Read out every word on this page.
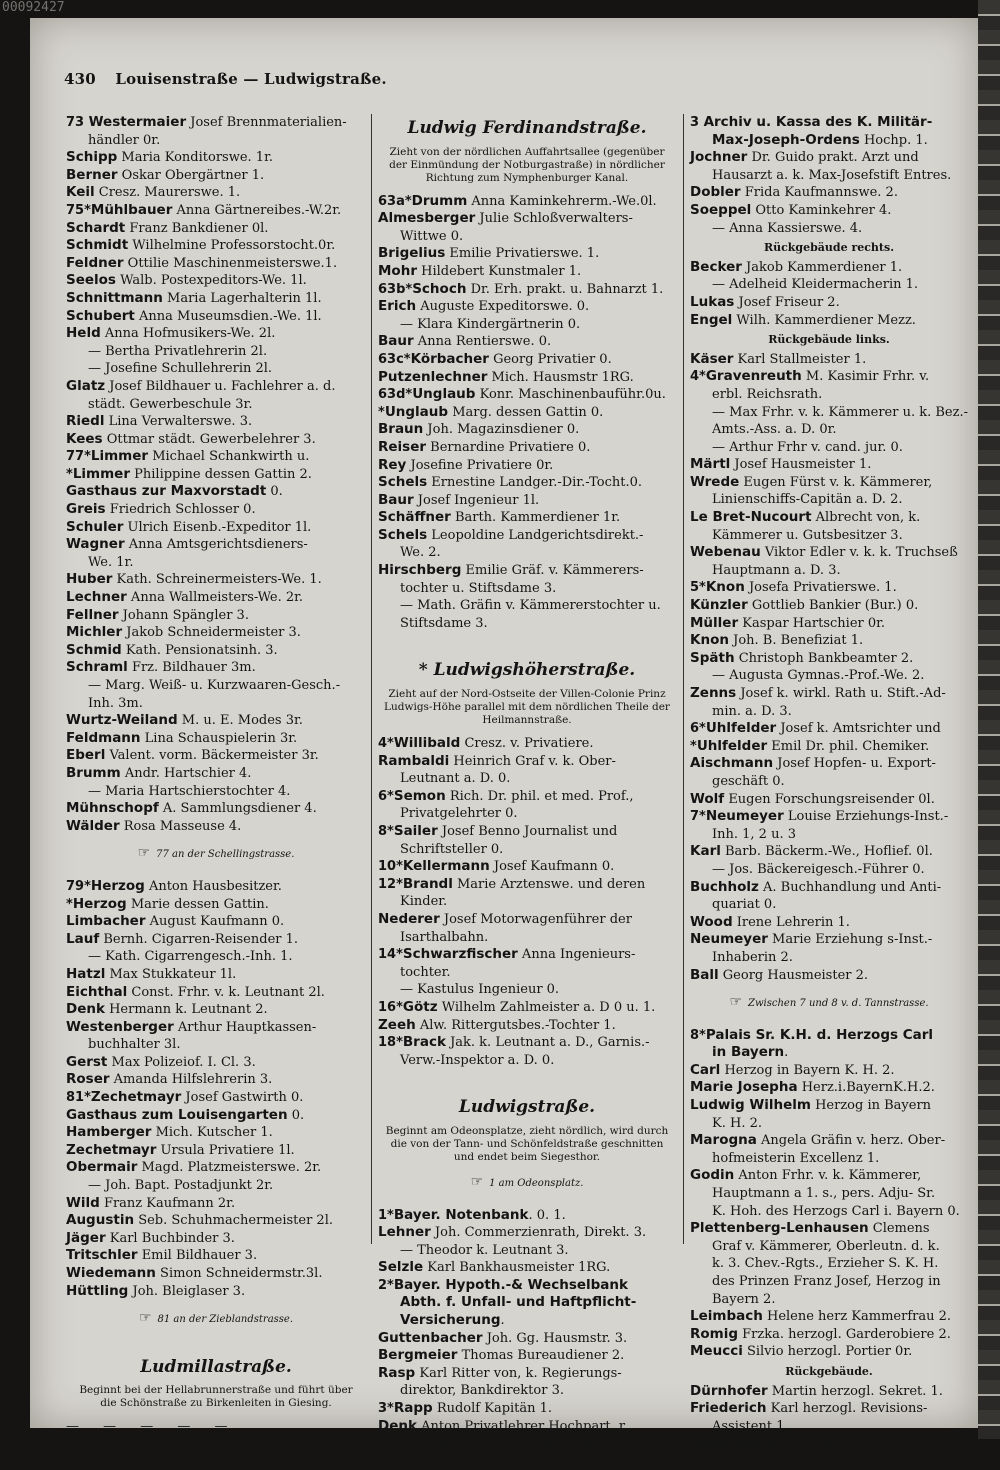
00092427
430 Louisenstraße — Ludwigstraße.
73 Westermaier Josef Brennmaterialien-
händler 0r.
Schipp Maria Konditorswe. 1r.
Berner Oskar Obergärtner 1.
Keil Cresz. Maurerswe. 1.
75*Mühlbauer Anna Gärtnereibes.-W.2r.
Schardt Franz Bankdiener 0l.
Schmidt Wilhelmine Professorstocht.0r.
Feldner Ottilie Maschinenmeisterswe.1.
Seelos Walb. Postexpeditors-We. 1l.
Schnittmann Maria Lagerhalterin 1l.
Schubert Anna Museumsdien.-We. 1l.
Held Anna Hofmusikers-We. 2l.
— Bertha Privatlehrerin 2l.
— Josefine Schullehrerin 2l.
Glatz Josef Bildhauer u. Fachlehrer a. d.
städt. Gewerbeschule 3r.
Riedl Lina Verwalterswe. 3.
Kees Ottmar städt. Gewerbelehrer 3.
77*Limmer Michael Schankwirth u.
*Limmer Philippine dessen Gattin 2.
Gasthaus zur Maxvorstadt 0.
Greis Friedrich Schlosser 0.
Schuler Ulrich Eisenb.-Expeditor 1l.
Wagner Anna Amtsgerichtsdieners-
We. 1r.
Huber Kath. Schreinermeisters-We. 1.
Lechner Anna Wallmeisters-We. 2r.
Fellner Johann Spängler 3.
Michler Jakob Schneidermeister 3.
Schmid Kath. Pensionatsinh. 3.
Schraml Frz. Bildhauer 3m.
— Marg. Weiß- u. Kurzwaaren-Gesch.-
Inh. 3m.
Wurtz-Weiland M. u. E. Modes 3r.
Feldmann Lina Schauspielerin 3r.
Eberl Valent. vorm. Bäckermeister 3r.
Brumm Andr. Hartschier 4.
— Maria Hartschierstochter 4.
Mühnschopf A. Sammlungsdiener 4.
Wälder Rosa Masseuse 4.
☞ 77 an der Schellingstrasse.
79*Herzog Anton Hausbesitzer.
*Herzog Marie dessen Gattin.
Limbacher August Kaufmann 0.
Lauf Bernh. Cigarren-Reisender 1.
— Kath. Cigarrengesch.-Inh. 1.
Hatzl Max Stukkateur 1l.
Eichthal Const. Frhr. v. k. Leutnant 2l.
Denk Hermann k. Leutnant 2.
Westenberger Arthur Hauptkassen-
buchhalter 3l.
Gerst Max Polizeiof. I. Cl. 3.
Roser Amanda Hilfslehrerin 3.
81*Zechetmayr Josef Gastwirth 0.
Gasthaus zum Louisengarten 0.
Hamberger Mich. Kutscher 1.
Zechetmayr Ursula Privatiere 1l.
Obermair Magd. Platzmeisterswe. 2r.
— Joh. Bapt. Postadjunkt 2r.
Wild Franz Kaufmann 2r.
Augustin Seb. Schuhmachermeister 2l.
Jäger Karl Buchbinder 3.
Tritschler Emil Bildhauer 3.
Wiedemann Simon Schneidermstr.3l.
Hüttling Joh. Bleiglaser 3.
☞ 81 an der Zieblandstrasse.
Ludmillastraße.
Beginnt bei der Hellabrunnerstraße und führt über die Schönstraße zu Birkenleiten in Giesing.
— — — — —
Ludwig Ferdinandstraße.
Zieht von der nördlichen Auffahrtsallee (gegenüber der Einmündung der Notburgastraße) in nördlicher Richtung zum Nymphenburger Kanal.
63a*Drumm Anna Kaminkehrerm.-We.0l.
Almesberger Julie Schloßverwalters-
Wittwe 0.
Brigelius Emilie Privatierswe. 1.
Mohr Hildebert Kunstmaler 1.
63b*Schoch Dr. Erh. prakt. u. Bahnarzt 1.
Erich Auguste Expeditorswe. 0.
— Klara Kindergärtnerin 0.
Baur Anna Rentierswe. 0.
63c*Körbacher Georg Privatier 0.
Putzenlechner Mich. Hausmstr 1RG.
63d*Unglaub Konr. Maschinenbauführ.0u.
*Unglaub Marg. dessen Gattin 0.
Braun Joh. Magazinsdiener 0.
Reiser Bernardine Privatiere 0.
Rey Josefine Privatiere 0r.
Schels Ernestine Landger.-Dir.-Tocht.0.
Baur Josef Ingenieur 1l.
Schäffner Barth. Kammerdiener 1r.
Schels Leopoldine Landgerichtsdirekt.-
We. 2.
Hirschberg Emilie Gräf. v. Kämmerers-
tochter u. Stiftsdame 3.
— Math. Gräfin v. Kämmererstochter u.
Stiftsdame 3.
* Ludwigshöherstraße.
Zieht auf der Nord-Ostseite der Villen-Colonie Prinz Ludwigs-Höhe parallel mit dem nördlichen Theile der Heilmannstraße.
4*Willibald Cresz. v. Privatiere.
Rambaldi Heinrich Graf v. k. Ober-
Leutnant a. D. 0.
6*Semon Rich. Dr. phil. et med. Prof.,
Privatgelehrter 0.
8*Sailer Josef Benno Journalist und
Schriftsteller 0.
10*Kellermann Josef Kaufmann 0.
12*Brandl Marie Arztenswe. und deren
Kinder.
Nederer Josef Motorwagenführer der
Isarthalbahn.
14*Schwarzfischer Anna Ingenieurs-
tochter.
— Kastulus Ingenieur 0.
16*Götz Wilhelm Zahlmeister a. D 0 u. 1.
Zeeh Alw. Rittergutsbes.-Tochter 1.
18*Brack Jak. k. Leutnant a. D., Garnis.-
Verw.-Inspektor a. D. 0.
Ludwigstraße.
Beginnt am Odeonsplatze, zieht nördlich, wird durch die von der Tann- und Schönfeldstraße geschnitten und endet beim Siegesthor.
☞ 1 am Odeonsplatz.
1*Bayer. Notenbank. 0. 1.
Lehner Joh. Commerzienrath, Direkt. 3.
— Theodor k. Leutnant 3.
Selzle Karl Bankhausmeister 1RG.
2*Bayer. Hypoth.-& Wechselbank
Abth. f. Unfall- und Haftpflicht-
Versicherung.
Guttenbacher Joh. Gg. Hausmstr. 3.
Bergmeier Thomas Bureaudiener 2.
Rasp Karl Ritter von, k. Regierungs-
direktor, Bankdirektor 3.
3*Rapp Rudolf Kapitän 1.
Denk Anton Privatlehrer Hochpart. r.
— Anna (Fa. Anna Kugler) Damen-
Confektionsgeschäft Hochpart. r.
3 Archiv u. Kassa des K. Militär-
Max-Joseph-Ordens Hochp. 1.
Jochner Dr. Guido prakt. Arzt und
Hausarzt a. k. Max-Josefstift Entres.
Dobler Frida Kaufmannswe. 2.
Soeppel Otto Kaminkehrer 4.
— Anna Kassierswe. 4.
Rückgebäude rechts.
Becker Jakob Kammerdiener 1.
— Adelheid Kleidermacherin 1.
Lukas Josef Friseur 2.
Engel Wilh. Kammerdiener Mezz.
Rückgebäude links.
Käser Karl Stallmeister 1.
4*Gravenreuth M. Kasimir Frhr. v.
erbl. Reichsrath.
— Max Frhr. v. k. Kämmerer u. k. Bez.-
Amts.-Ass. a. D. 0r.
— Arthur Frhr v. cand. jur. 0.
Märtl Josef Hausmeister 1.
Wrede Eugen Fürst v. k. Kämmerer,
Linienschiffs-Capitän a. D. 2.
Le Bret-Nucourt Albrecht von, k.
Kämmerer u. Gutsbesitzer 3.
Webenau Viktor Edler v. k. k. Truchseß
Hauptmann a. D. 3.
5*Knon Josefa Privatierswe. 1.
Künzler Gottlieb Bankier (Bur.) 0.
Müller Kaspar Hartschier 0r.
Knon Joh. B. Benefiziat 1.
Späth Christoph Bankbeamter 2.
— Augusta Gymnas.-Prof.-We. 2.
Zenns Josef k. wirkl. Rath u. Stift.-Ad-
min. a. D. 3.
6*Uhlfelder Josef k. Amtsrichter und
*Uhlfelder Emil Dr. phil. Chemiker.
Aischmann Josef Hopfen- u. Export-
geschäft 0.
Wolf Eugen Forschungsreisender 0l.
7*Neumeyer Louise Erziehungs-Inst.-
Inh. 1, 2 u. 3
Karl Barb. Bäckerm.-We., Hoflief. 0l.
— Jos. Bäckereigesch.-Führer 0.
Buchholz A. Buchhandlung und Anti-
quariat 0.
Wood Irene Lehrerin 1.
Neumeyer Marie Erziehung s-Inst.-
Inhaberin 2.
Ball Georg Hausmeister 2.
☞ Zwischen 7 und 8 v. d. Tannstrasse.
8*Palais Sr. K.H. d. Herzogs Carl
in Bayern.
Carl Herzog in Bayern K. H. 2.
Marie Josepha Herz.i.BayernK.H.2.
Ludwig Wilhelm Herzog in Bayern
K. H. 2.
Marogna Angela Gräfin v. herz. Ober-
hofmeisterin Excellenz 1.
Godin Anton Frhr. v. k. Kämmerer,
Hauptmann a 1. s., pers. Adju- Sr.
K. Hoh. des Herzogs Carl i. Bayern 0.
Plettenberg-Lenhausen Clemens
Graf v. Kämmerer, Oberleutn. d. k.
k. 3. Chev.-Rgts., Erzieher S. K. H.
des Prinzen Franz Josef, Herzog in
Bayern 2.
Leimbach Helene herz Kammerfrau 2.
Romig Frzka. herzogl. Garderobiere 2.
Meucci Silvio herzogl. Portier 0r.
Rückgebäude.
Dürnhofer Martin herzogl. Sekret. 1.
Friederich Karl herzogl. Revisions-
Assistent 1.
Diefenbach Karl herz. Haushofmstr.1.
